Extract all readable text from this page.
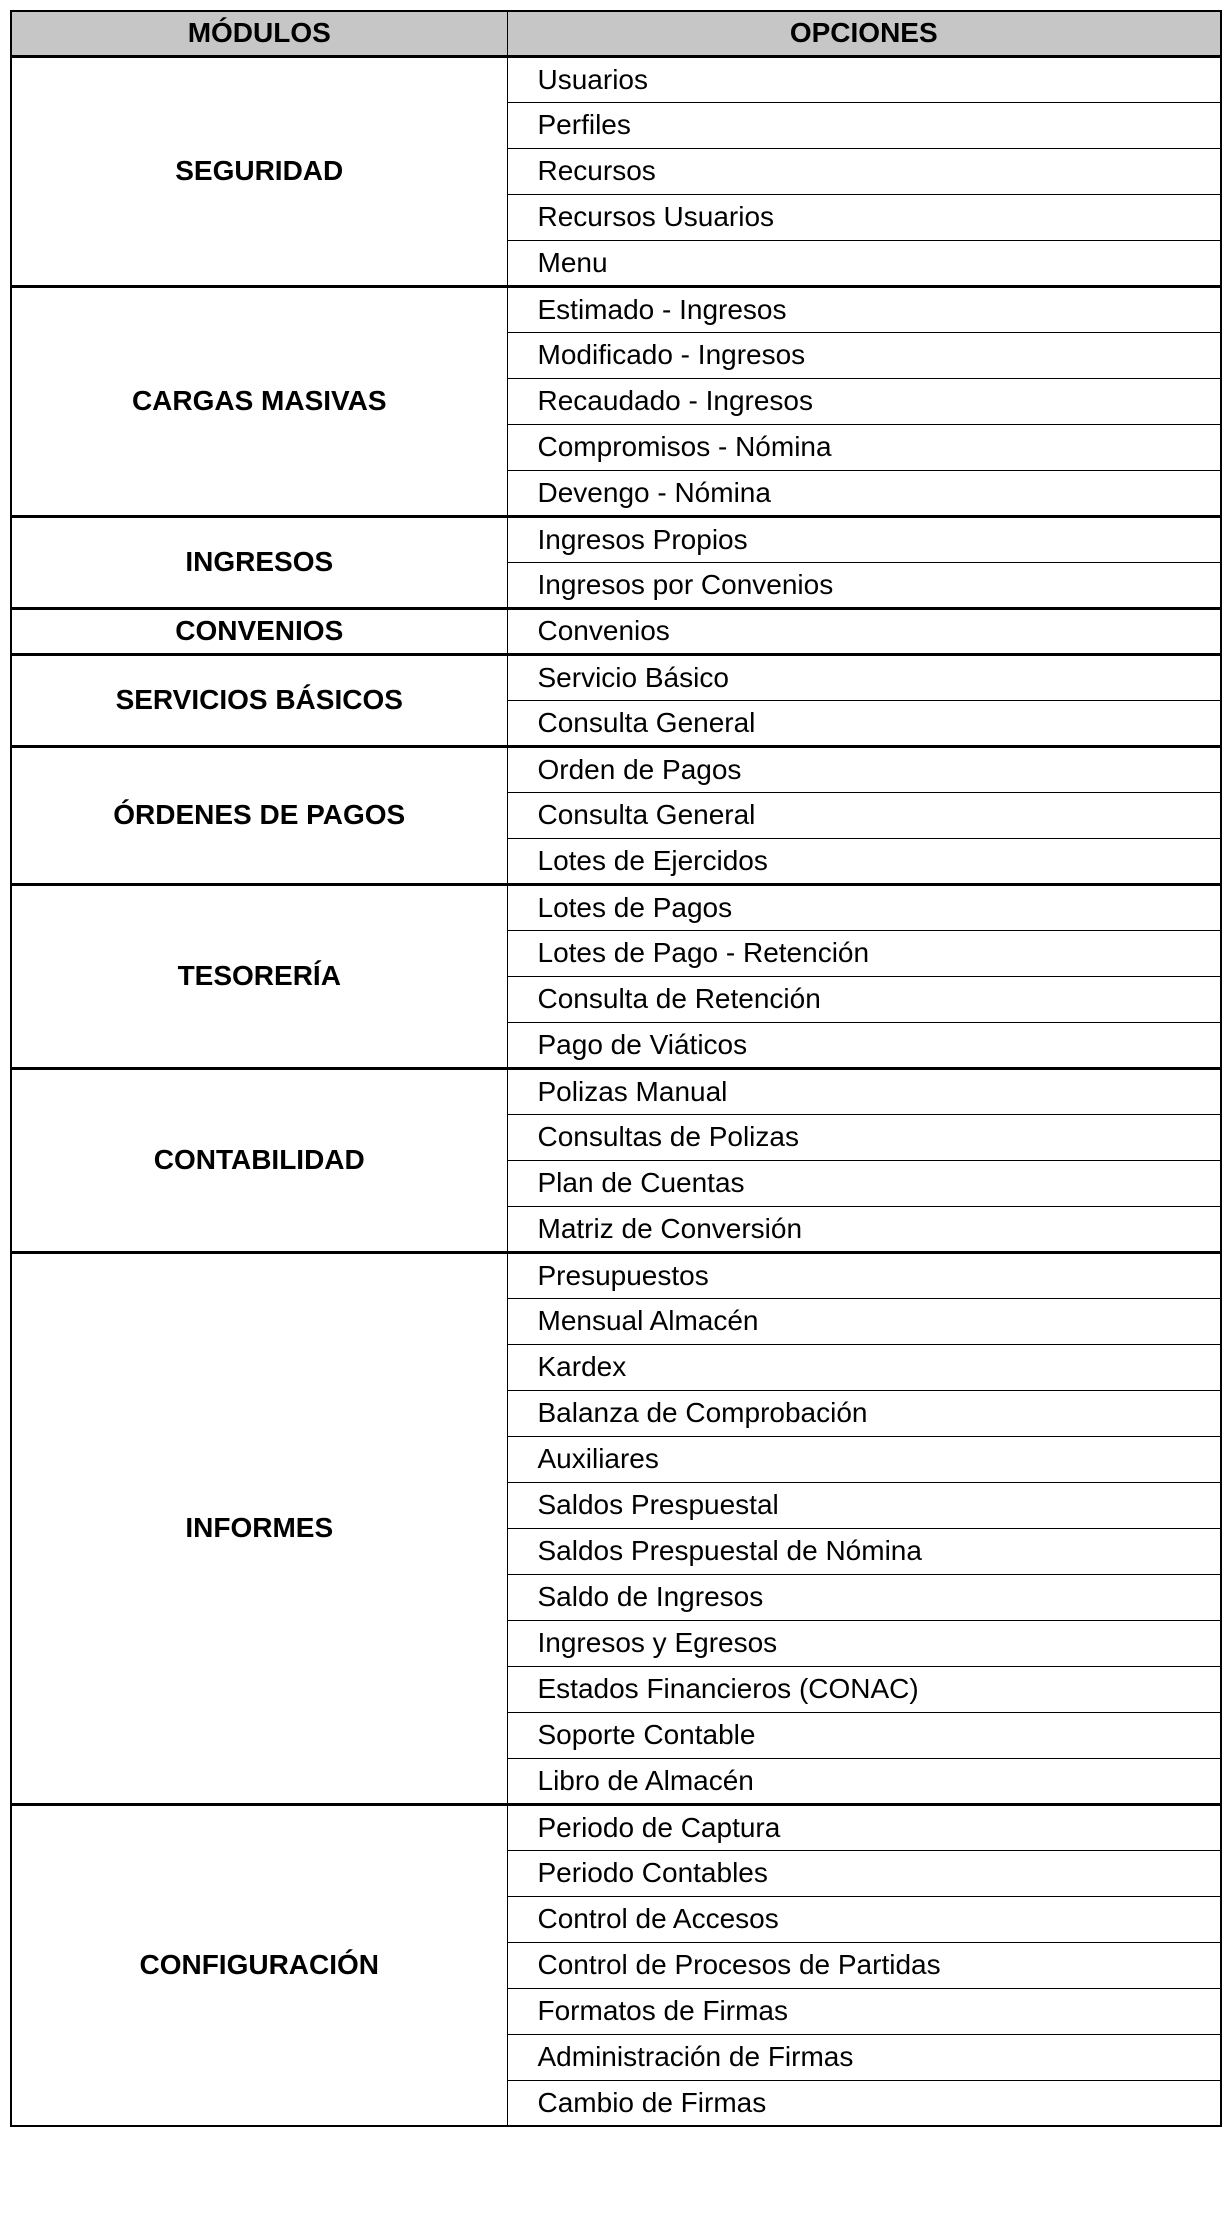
MÓDULOS	OPCIONES
SEGURIDAD	Usuarios
	Perfiles
	Recursos
	Recursos Usuarios
	Menu
CARGAS MASIVAS	Estimado - Ingresos
	Modificado - Ingresos
	Recaudado - Ingresos
	Compromisos - Nómina
	Devengo - Nómina
INGRESOS	Ingresos Propios
	Ingresos por Convenios
CONVENIOS	Convenios
SERVICIOS BÁSICOS	Servicio Básico
	Consulta General
ÓRDENES DE PAGOS	Orden de Pagos
	Consulta General
	Lotes de Ejercidos
TESORERÍA	Lotes de Pagos
	Lotes de Pago - Retención
	Consulta de Retención
	Pago de Viáticos
CONTABILIDAD	Polizas Manual
	Consultas de Polizas
	Plan de Cuentas
	Matriz de Conversión
INFORMES	Presupuestos
	Mensual Almacén
	Kardex
	Balanza de Comprobación
	Auxiliares
	Saldos Prespuestal
	Saldos Prespuestal de Nómina
	Saldo de Ingresos
	Ingresos y Egresos
	Estados Financieros (CONAC)
	Soporte Contable
	Libro de Almacén
CONFIGURACIÓN	Periodo de Captura
	Periodo Contables
	Control de Accesos
	Control de Procesos de Partidas
	Formatos de Firmas
	Administración de Firmas
	Cambio de Firmas
